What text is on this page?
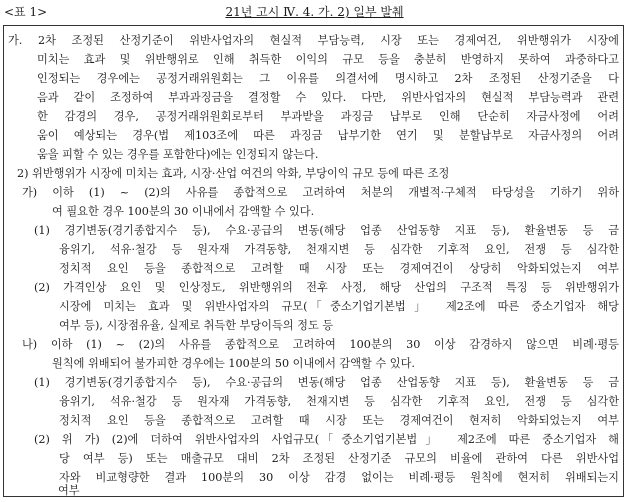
<표 1>	21년 고시 Ⅳ. 4. 가. 2) 일부 발췌
가. 2차 조정된 산정기준이 위반사업자의 현실적 부담능력, 시장 또는 경제여건, 위반행위가 시장에
미치는 효과 및 위반행위로 인해 취득한 이익의 규모 등을 충분히 반영하지 못하여 과중하다고
인정되는 경우에는 공정거래위원회는 그 이유를 의결서에 명시하고 2차 조정된 산정기준을 다
음과 같이 조정하여 부과과징금을 결정할 수 있다. 다만, 위반사업자의 현실적 부담능력과 관련
한 감경의 경우, 공정거래위원회로부터 부과받을 과징금 납부로 인해 단순히 자금사정에 어려
움이 예상되는 경우(법 제103조에 따른 과징금 납부기한 연기 및 분할납부로 자금사정의 어려
움을 피할 수 있는 경우를 포함한다)에는 인정되지 않는다.
2) 위반행위가 시장에 미치는 효과, 시장·산업 여건의 악화, 부당이익 규모 등에 따른 조정
가) 이하 (1) ~ (2)의 사유를 종합적으로 고려하여 처분의 개별적·구체적 타당성을 기하기 위하
여 필요한 경우 100분의 30 이내에서 감액할 수 있다.
(1) 경기변동(경기종합지수 등), 수요·공급의 변동(해당 업종 산업동향 지표 등), 환율변동 등 금
융위기, 석유·철강 등 원자재 가격동향, 천재지변 등 심각한 기후적 요인, 전쟁 등 심각한
정치적 요인 등을 종합적으로 고려할 때 시장 또는 경제여건이 상당히 악화되었는지 여부
(2) 가격인상 요인 및 인상정도, 위반행위의 전후 사정, 해당 산업의 구조적 특징 등 위반행위가
시장에 미치는 효과 및 위반사업자의 규모(「중소기업기본법」 제2조에 따른 중소기업자 해당
여부 등), 시장점유율, 실제로 취득한 부당이득의 정도 등
나) 이하 (1) ~ (2)의 사유를 종합적으로 고려하여 100분의 30 이상 감경하지 않으면 비례·평등
원칙에 위배되어 불가피한 경우에는 100분의 50 이내에서 감액할 수 있다.
(1) 경기변동(경기종합지수 등), 수요·공급의 변동(해당 업종 산업동향 지표 등), 환율변동 등 금
융위기, 석유·철강 등 원자재 가격동향, 천재지변 등 심각한 기후적 요인, 전쟁 등 심각한
정치적 요인 등을 종합적으로 고려할 때 시장 또는 경제여건이 현저히 악화되었는지 여부
(2) 위 가) (2)에 더하여 위반사업자의 사업규모(「중소기업기본법」 제2조에 따른 중소기업자 해
당 여부 등) 또는 매출규모 대비 2차 조정된 산정기준 규모의 비율에 관하여 다른 위반사업
자와 비교형량한 결과 100분의 30 이상 감경 없이는 비례·평등 원칙에 현저히 위배되는지
여부
